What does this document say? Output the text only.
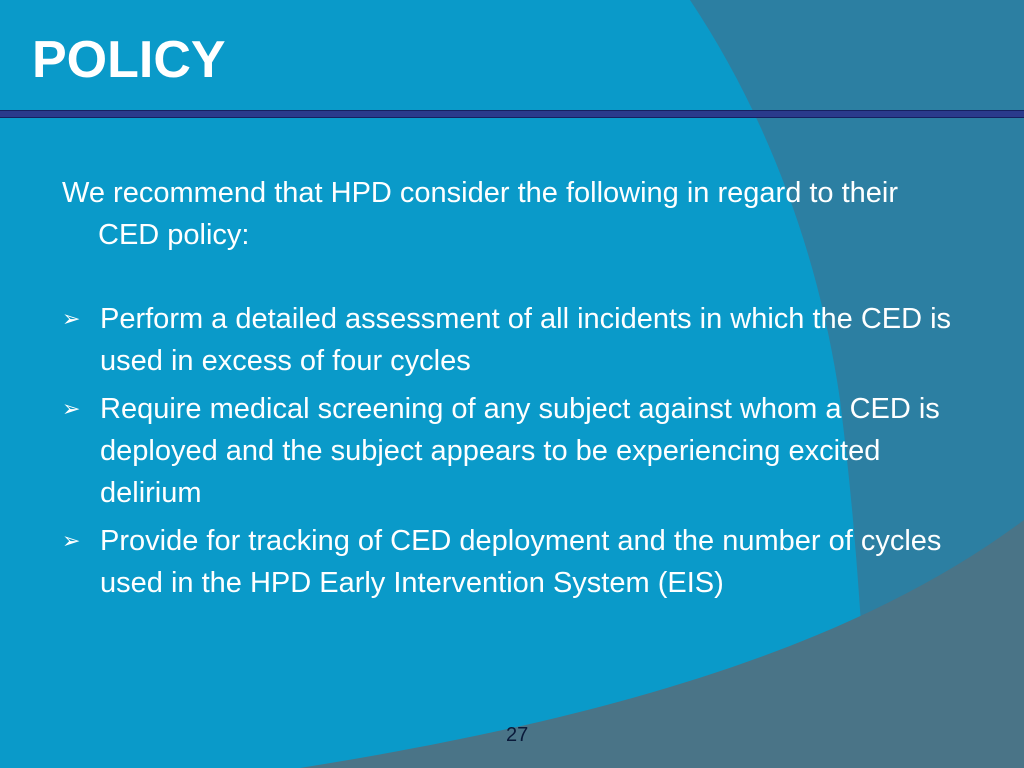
POLICY

We recommend that HPD consider the following in regard to their CED policy:

➢ Perform a detailed assessment of all incidents in which the CED is used in excess of four cycles
➢ Require medical screening of any subject against whom a CED is deployed and the subject appears to be experiencing excited delirium
➢ Provide for tracking of CED deployment and the number of cycles used in the HPD Early Intervention System (EIS)
27
